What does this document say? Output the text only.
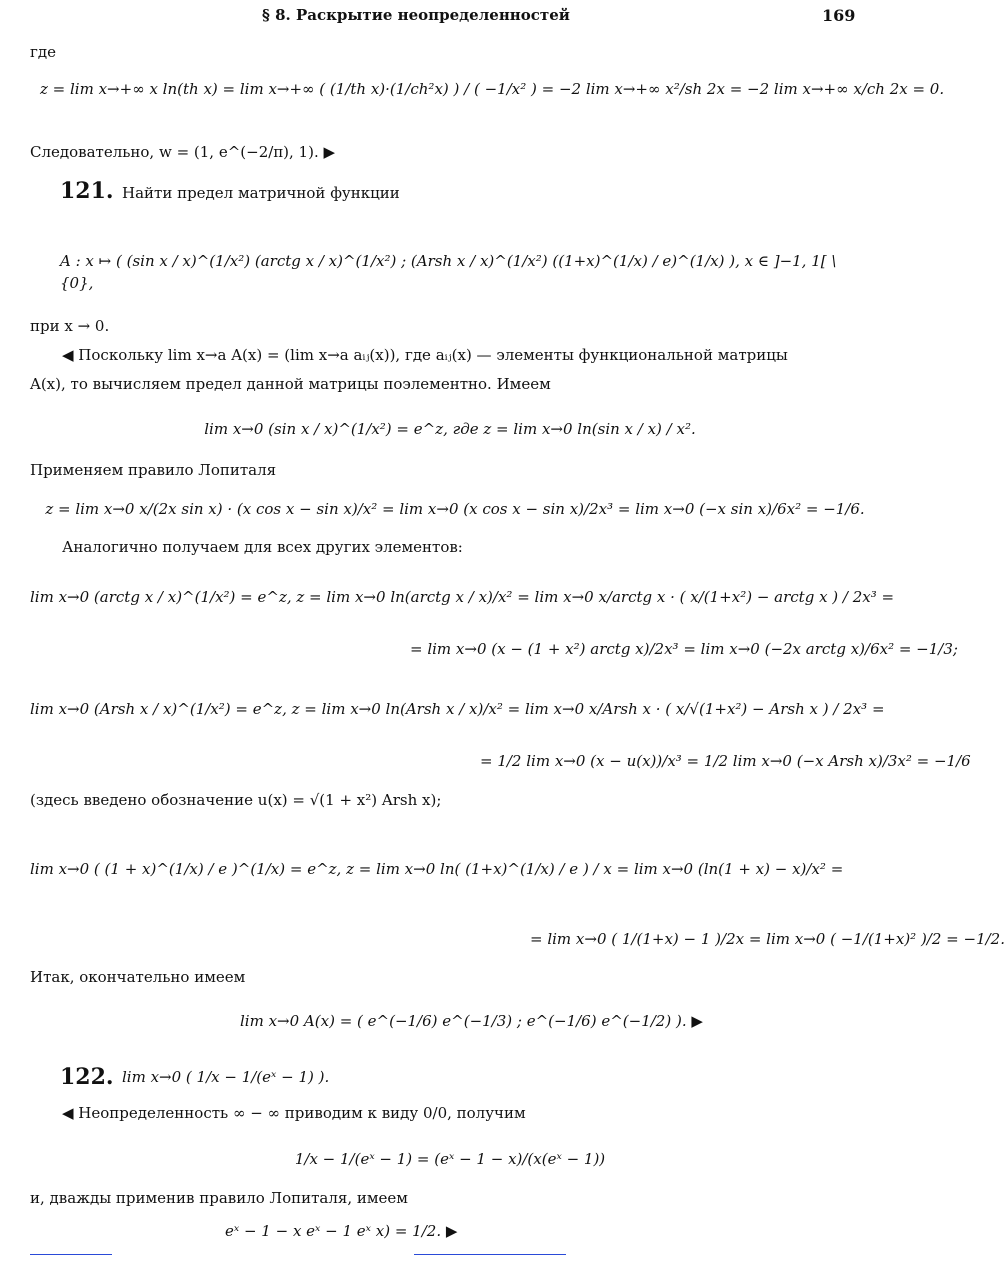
§ 8. Раскрытие неопределенностей	169
где
z = lim x→+∞ x ln(th x) = lim x→+∞ ( (1/th x)·(1/ch²x) ) / ( −1/x² ) = −2 lim x→+∞ x²/sh 2x = −2 lim x→+∞ x/ch 2x = 0.
Следовательно, w = (1, e^(−2/π), 1). ▶
121. Найти предел матричной функции
A : x ↦ ( (sin x / x)^(1/x²) (arctg x / x)^(1/x²) ; (Arsh x / x)^(1/x²) ((1+x)^(1/x) / e)^(1/x) ), x ∈ ]−1, 1[ \ {0},
при x → 0.
◀ Поскольку lim x→a A(x) = (lim x→a aᵢⱼ(x)), где aᵢⱼ(x) — элементы функциональной матрицы
A(x), то вычисляем предел данной матрицы поэлементно. Имеем
lim x→0 (sin x / x)^(1/x²) = e^z, где z = lim x→0 ln(sin x / x) / x².
Применяем правило Лопиталя
z = lim x→0 x/(2x sin x) · (x cos x − sin x)/x² = lim x→0 (x cos x − sin x)/2x³ = lim x→0 (−x sin x)/6x² = −1/6.
Аналогично получаем для всех других элементов:
lim x→0 (arctg x / x)^(1/x²) = e^z, z = lim x→0 ln(arctg x / x)/x² = lim x→0 x/arctg x · ( x/(1+x²) − arctg x ) / 2x³ =
= lim x→0 (x − (1 + x²) arctg x)/2x³ = lim x→0 (−2x arctg x)/6x² = −1/3;
lim x→0 (Arsh x / x)^(1/x²) = e^z, z = lim x→0 ln(Arsh x / x)/x² = lim x→0 x/Arsh x · ( x/√(1+x²) − Arsh x ) / 2x³ =
= 1/2 lim x→0 (x − u(x))/x³ = 1/2 lim x→0 (−x Arsh x)/3x² = −1/6
(здесь введено обозначение u(x) = √(1 + x²) Arsh x);
lim x→0 ( (1 + x)^(1/x) / e )^(1/x) = e^z, z = lim x→0 ln( (1+x)^(1/x) / e ) / x = lim x→0 (ln(1 + x) − x)/x² =
= lim x→0 ( 1/(1+x) − 1 )/2x = lim x→0 ( −1/(1+x)² )/2 = −1/2.
Итак, окончательно имеем
lim x→0 A(x) = ( e^(−1/6) e^(−1/3) ; e^(−1/6) e^(−1/2) ). ▶
122. lim x→0 ( 1/x − 1/(eˣ − 1) ).
◀ Неопределенность ∞ − ∞ приводим к виду 0/0, получим
1/x − 1/(eˣ − 1) = (eˣ − 1 − x)/(x(eˣ − 1))
и, дважды применив правило Лопиталя, имеем
eˣ − 1 − x eˣ − 1 eˣ x) = 1/2. ▶
